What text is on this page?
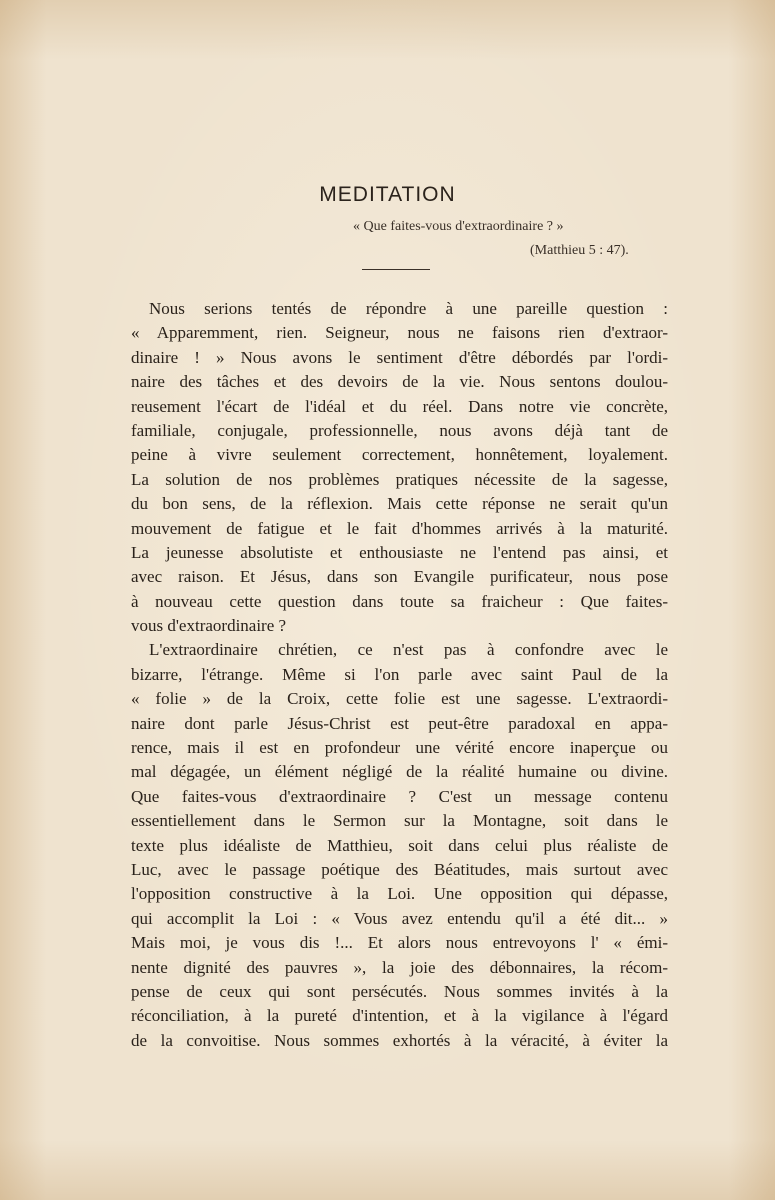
MEDITATION
« Que faites-vous d'extraordinaire ? »
(Matthieu 5 : 47).
Nous serions tentés de répondre à une pareille question :
« Apparemment, rien. Seigneur, nous ne faisons rien d'extraor-
dinaire ! » Nous avons le sentiment d'être débordés par l'ordi-
naire des tâches et des devoirs de la vie. Nous sentons doulou-
reusement l'écart de l'idéal et du réel. Dans notre vie concrète,
familiale, conjugale, professionnelle, nous avons déjà tant de
peine à vivre seulement correctement, honnêtement, loyalement.
La solution de nos problèmes pratiques nécessite de la sagesse,
du bon sens, de la réflexion. Mais cette réponse ne serait qu'un
mouvement de fatigue et le fait d'hommes arrivés à la maturité.
La jeunesse absolutiste et enthousiaste ne l'entend pas ainsi, et
avec raison. Et Jésus, dans son Evangile purificateur, nous pose
à nouveau cette question dans toute sa fraicheur : Que faites-
vous d'extraordinaire ?
L'extraordinaire chrétien, ce n'est pas à confondre avec le
bizarre, l'étrange. Même si l'on parle avec saint Paul de la
« folie » de la Croix, cette folie est une sagesse. L'extraordi-
naire dont parle Jésus-Christ est peut-être paradoxal en appa-
rence, mais il est en profondeur une vérité encore inaperçue ou
mal dégagée, un élément négligé de la réalité humaine ou divine.
Que faites-vous d'extraordinaire ? C'est un message contenu
essentiellement dans le Sermon sur la Montagne, soit dans le
texte plus idéaliste de Matthieu, soit dans celui plus réaliste de
Luc, avec le passage poétique des Béatitudes, mais surtout avec
l'opposition constructive à la Loi. Une opposition qui dépasse,
qui accomplit la Loi : « Vous avez entendu qu'il a été dit... »
Mais moi, je vous dis !... Et alors nous entrevoyons l' « émi-
nente dignité des pauvres », la joie des débonnaires, la récom-
pense de ceux qui sont persécutés. Nous sommes invités à la
réconciliation, à la pureté d'intention, et à la vigilance à l'égard
de la convoitise. Nous sommes exhortés à la véracité, à éviter la
